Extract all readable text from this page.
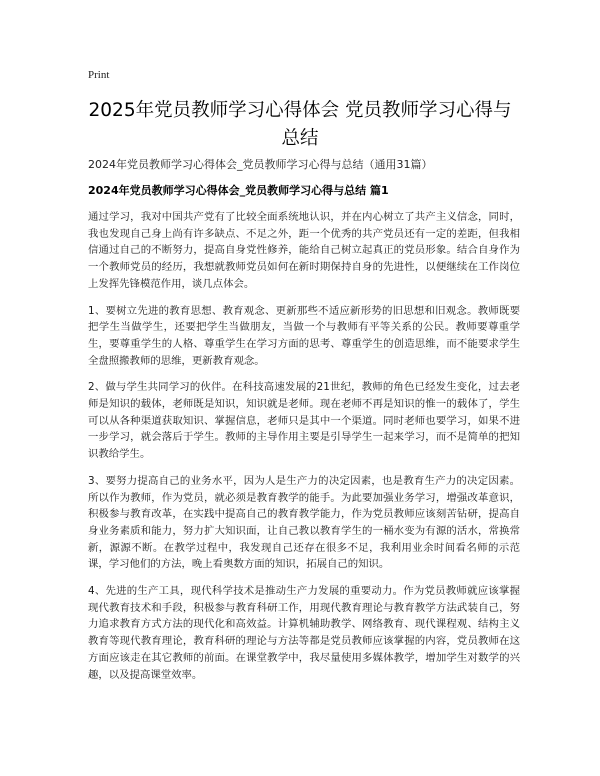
Print
2025年党员教师学习心得体会 党员教师学习心得与总结

2024年党员教师学习心得体会_党员教师学习心得与总结（通用31篇）

2024年党员教师学习心得体会_党员教师学习心得与总结 篇1

通过学习，我对中国共产党有了比较全面系统地认识，并在内心树立了共产主义信念，同时，我也发现自己身上尚有许多缺点、不足之外，距一个优秀的共产党员还有一定的差距，但我相信通过自己的不断努力，提高自身党性修养，能给自己树立起真正的党员形象。结合自身作为一个教师党员的经历，我想就教师党员如何在新时期保持自身的先进性，以便继续在工作岗位上发挥先锋模范作用，谈几点体会。

1、要树立先进的教育思想、教育观念、更新那些不适应新形势的旧思想和旧观念。教师既要把学生当做学生，还要把学生当做朋友，当做一个与教师有平等关系的公民。教师要尊重学生，要尊重学生的人格、尊重学生在学习方面的思考、尊重学生的创造思维，而不能要求学生全盘照搬教师的思维，更新教育观念。

2、做与学生共同学习的伙伴。在科技高速发展的21世纪，教师的角色已经发生变化，过去老师是知识的载体，老师既是知识，知识就是老师。现在老师不再是知识的惟一的载体了，学生可以从各种渠道获取知识、掌握信息，老师只是其中一个渠道。同时老师也要学习，如果不进一步学习，就会落后于学生。教师的主导作用主要是引导学生一起来学习，而不是简单的把知识教给学生。

3、要努力提高自己的业务水平，因为人是生产力的决定因素，也是教育生产力的决定因素。所以作为教师，作为党员，就必须是教育教学的能手。为此要加强业务学习，增强改革意识，积极参与教育改革，在实践中提高自己的教育教学能力，作为党员教师应该刻苦钻研，提高自身业务素质和能力，努力扩大知识面，让自己教以教育学生的一桶水变为有源的活水，常换常新，源源不断。在教学过程中，我发现自己还存在很多不足，我利用业余时间看名师的示范课，学习他们的方法，晚上看奥数方面的知识，拓展自己的知识。

4、先进的生产工具，现代科学技术是推动生产力发展的重要动力。作为党员教师就应该掌握现代教育技术和手段，积极参与教育科研工作，用现代教育理论与教育教学方法武装自己，努力追求教育方式方法的现代化和高效益。计算机辅助教学、网络教育、现代课程观、结构主义教育等现代教育理论，教育科研的理论与方法等都是党员教师应该掌握的内容，党员教师在这方面应该走在其它教师的前面。在课堂教学中，我尽量使用多媒体教学，增加学生对数学的兴趣，以及提高课堂效率。
